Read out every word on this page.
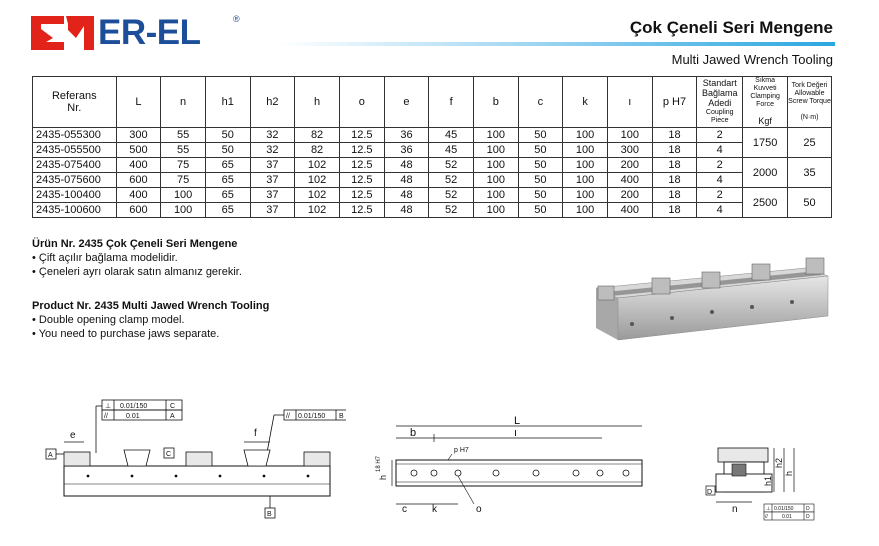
ER-EL	®	Çok Çeneli Seri Mengene
Multi Jawed Wrench Tooling
Referans
Nr.	L	n	h1	h2	h	o	e	f	b	c	k	ı	p H7	Standart
Bağlama
Adedi
Coupling Piece	Sıkma Kuvveti
Clamping Force

Kgf	Tork Değeri
Allowable
Screw Torque

(N·m)
2435-055300	300	55	50	32	82	12.5	36	45	100	50	100	100	18	2	1750	25
2435-055500	500	55	50	32	82	12.5	36	45	100	50	100	300	18	4		
2435-075400	400	75	65	37	102	12.5	48	52	100	50	100	200	18	2	2000	35
2435-075600	600	75	65	37	102	12.5	48	52	100	50	100	400	18	4		
2435-100400	400	100	65	37	102	12.5	48	52	100	50	100	200	18	2	2500	50
2435-100600	600	100	65	37	102	12.5	48	52	100	50	100	400	18	4		
Ürün Nr. 2435 Çok Çeneli Seri Mengene
• Çift açılır bağlama modelidir.
• Çeneleri ayrı olarak satın almanız gerekir.
Product Nr. 2435 Multi Jawed Wrench Tooling
• Double opening clamp model.
• You need to purchase jaws separate.
⊥ 0.01/150	C
//	0.01	A	// 0.01/150 B
e	f
A	C
B
L
b	ı
p H7
18 H7
h
c	k	o
h2
h1
h
D
n	⊥ 0.01/150	D
//	0.01	D
